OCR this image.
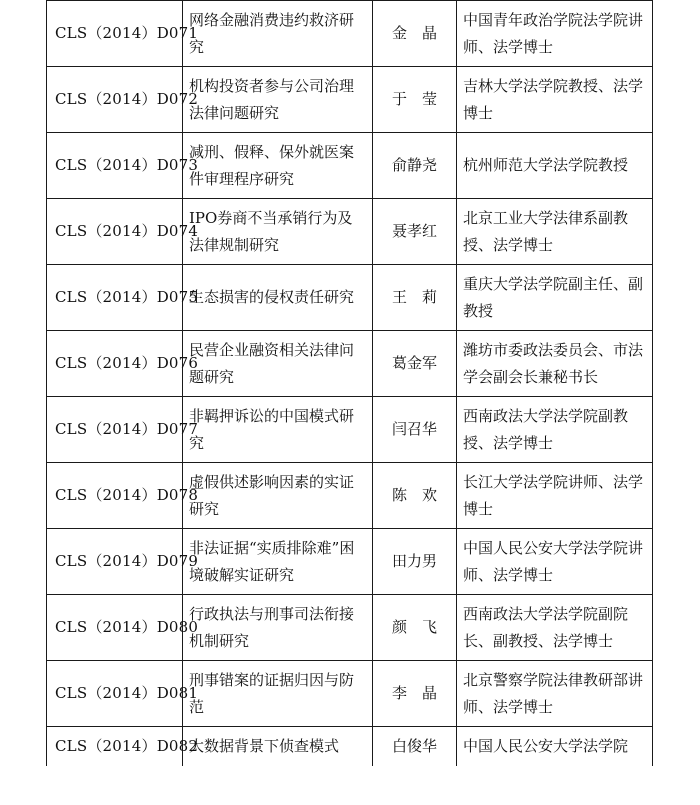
CLS（2014）D071	网络金融消费违约救济研究	金　晶	中国青年政治学院法学院讲师、法学博士
CLS（2014）D072	机构投资者参与公司治理法律问题研究	于　莹	吉林大学法学院教授、法学博士
CLS（2014）D073	减刑、假释、保外就医案件审理程序研究	俞静尧	杭州师范大学法学院教授
CLS（2014）D074	IPO券商不当承销行为及法律规制研究	聂孝红	北京工业大学法律系副教授、法学博士
CLS（2014）D075	生态损害的侵权责任研究	王　莉	重庆大学法学院副主任、副教授
CLS（2014）D076	民营企业融资相关法律问题研究	葛金军	潍坊市委政法委员会、市法学会副会长兼秘书长
CLS（2014）D077	非羁押诉讼的中国模式研究	闫召华	西南政法大学法学院副教授、法学博士
CLS（2014）D078	虚假供述影响因素的实证研究	陈　欢	长江大学法学院讲师、法学博士
CLS（2014）D079	非法证据“实质排除难”困境破解实证研究	田力男	中国人民公安大学法学院讲师、法学博士
CLS（2014）D080	行政执法与刑事司法衔接机制研究	颜　飞	西南政法大学法学院副院长、副教授、法学博士
CLS（2014）D081	刑事错案的证据归因与防范	李　晶	北京警察学院法律教研部讲师、法学博士
CLS（2014）D082	大数据背景下侦查模式	白俊华	中国人民公安大学法学院
